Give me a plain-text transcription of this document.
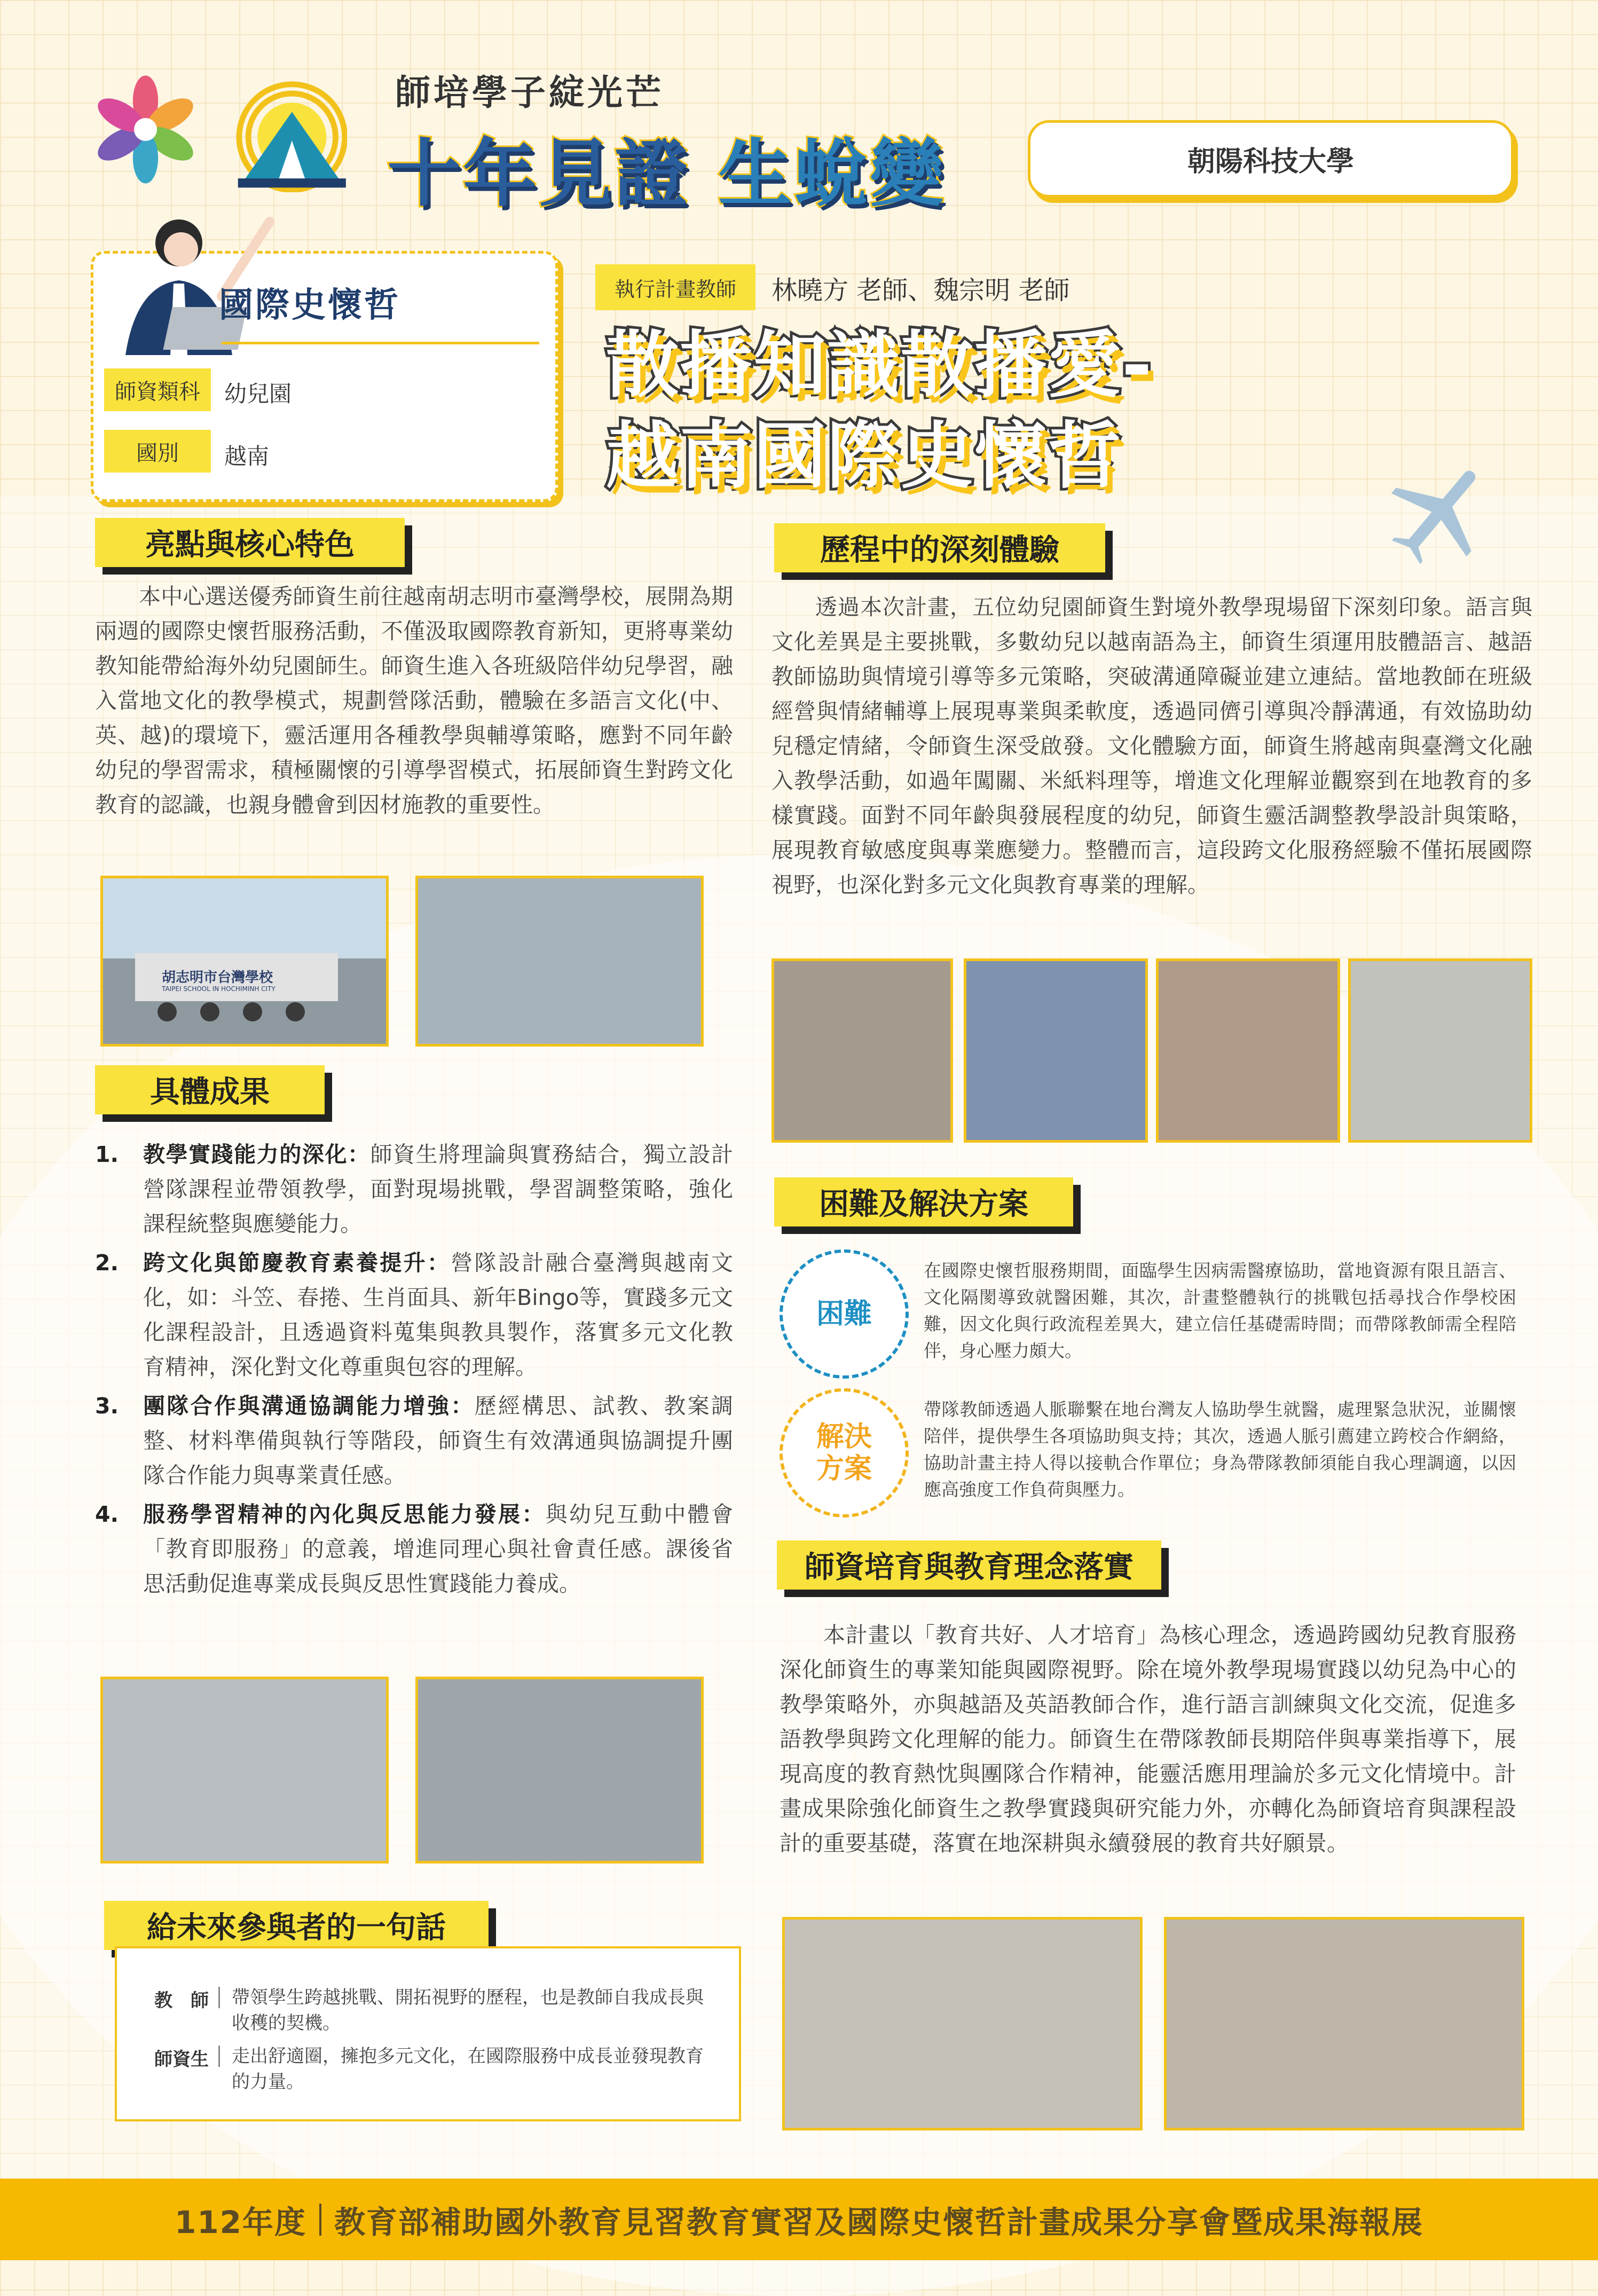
師培學子綻光芒
十年見證 生蛻變	朝陽科技大學
國際史懷哲
師資類科	幼兒園
國別	越南
執行計畫教師	林曉方 老師、魏宗明 老師
散播知識散播愛-
越南國際史懷哲
亮點與核心特色
本中心選送優秀師資生前往越南胡志明市臺灣學校，展開為期兩週的國際史懷哲服務活動，不僅汲取國際教育新知，更將專業幼教知能帶給海外幼兒園師生。師資生進入各班級陪伴幼兒學習，融入當地文化的教學模式，規劃營隊活動，體驗在多語言文化(中、英、越)的環境下，靈活運用各種教學與輔導策略，應對不同年齡幼兒的學習需求，積極關懷的引導學習模式，拓展師資生對跨文化教育的認識，也親身體會到因材施教的重要性。
胡志明市台灣學校
TAIPEI SCHOOL IN HOCHIMINH CITY
具體成果
1. 教學實踐能力的深化：師資生將理論與實務結合，獨立設計營隊課程並帶領教學，面對現場挑戰，學習調整策略，強化課程統整與應變能力。
2. 跨文化與節慶教育素養提升：營隊設計融合臺灣與越南文化，如：斗笠、春捲、生肖面具、新年Bingo等，實踐多元文化課程設計，且透過資料蒐集與教具製作，落實多元文化教育精神，深化對文化尊重與包容的理解。
3. 團隊合作與溝通協調能力增強：歷經構思、試教、教案調整、材料準備與執行等階段，師資生有效溝通與協調提升團隊合作能力與專業責任感。
4. 服務學習精神的內化與反思能力發展：與幼兒互動中體會「教育即服務」的意義，增進同理心與社會責任感。課後省思活動促進專業成長與反思性實踐能力養成。
給未來參與者的一句話
教　師 帶領學生跨越挑戰、開拓視野的歷程，也是教師自我成長與收穫的契機。
師資生 走出舒適圈，擁抱多元文化，在國際服務中成長並發現教育的力量。
歷程中的深刻體驗
透過本次計畫，五位幼兒園師資生對境外教學現場留下深刻印象。語言與文化差異是主要挑戰，多數幼兒以越南語為主，師資生須運用肢體語言、越語教師協助與情境引導等多元策略，突破溝通障礙並建立連結。當地教師在班級經營與情緒輔導上展現專業與柔軟度，透過同儕引導與冷靜溝通，有效協助幼兒穩定情緒，令師資生深受啟發。文化體驗方面，師資生將越南與臺灣文化融入教學活動，如過年闖關、米紙料理等，增進文化理解並觀察到在地教育的多樣實踐。面對不同年齡與發展程度的幼兒，師資生靈活調整教學設計與策略，展現教育敏感度與專業應變力。整體而言，這段跨文化服務經驗不僅拓展國際視野，也深化對多元文化與教育專業的理解。
困難及解決方案
困難
在國際史懷哲服務期間，面臨學生因病需醫療協助，當地資源有限且語言、文化隔閡導致就醫困難，其次，計畫整體執行的挑戰包括尋找合作學校困難，因文化與行政流程差異大，建立信任基礎需時間；而帶隊教師需全程陪伴，身心壓力頗大。
解決
方案
帶隊教師透過人脈聯繫在地台灣友人協助學生就醫，處理緊急狀況，並關懷陪伴，提供學生各項協助與支持；其次，透過人脈引薦建立跨校合作網絡，協助計畫主持人得以接軌合作單位；身為帶隊教師須能自我心理調適，以因應高強度工作負荷與壓力。
師資培育與教育理念落實
本計畫以「教育共好、人才培育」為核心理念，透過跨國幼兒教育服務深化師資生的專業知能與國際視野。除在境外教學現場實踐以幼兒為中心的教學策略外，亦與越語及英語教師合作，進行語言訓練與文化交流，促進多語教學與跨文化理解的能力。師資生在帶隊教師長期陪伴與專業指導下，展現高度的教育熱忱與團隊合作精神，能靈活應用理論於多元文化情境中。計畫成果除強化師資生之教學實踐與研究能力外，亦轉化為師資培育與課程設計的重要基礎，落實在地深耕與永續發展的教育共好願景。
112年度 教育部補助國外教育見習教育實習及國際史懷哲計畫成果分享會暨成果海報展
